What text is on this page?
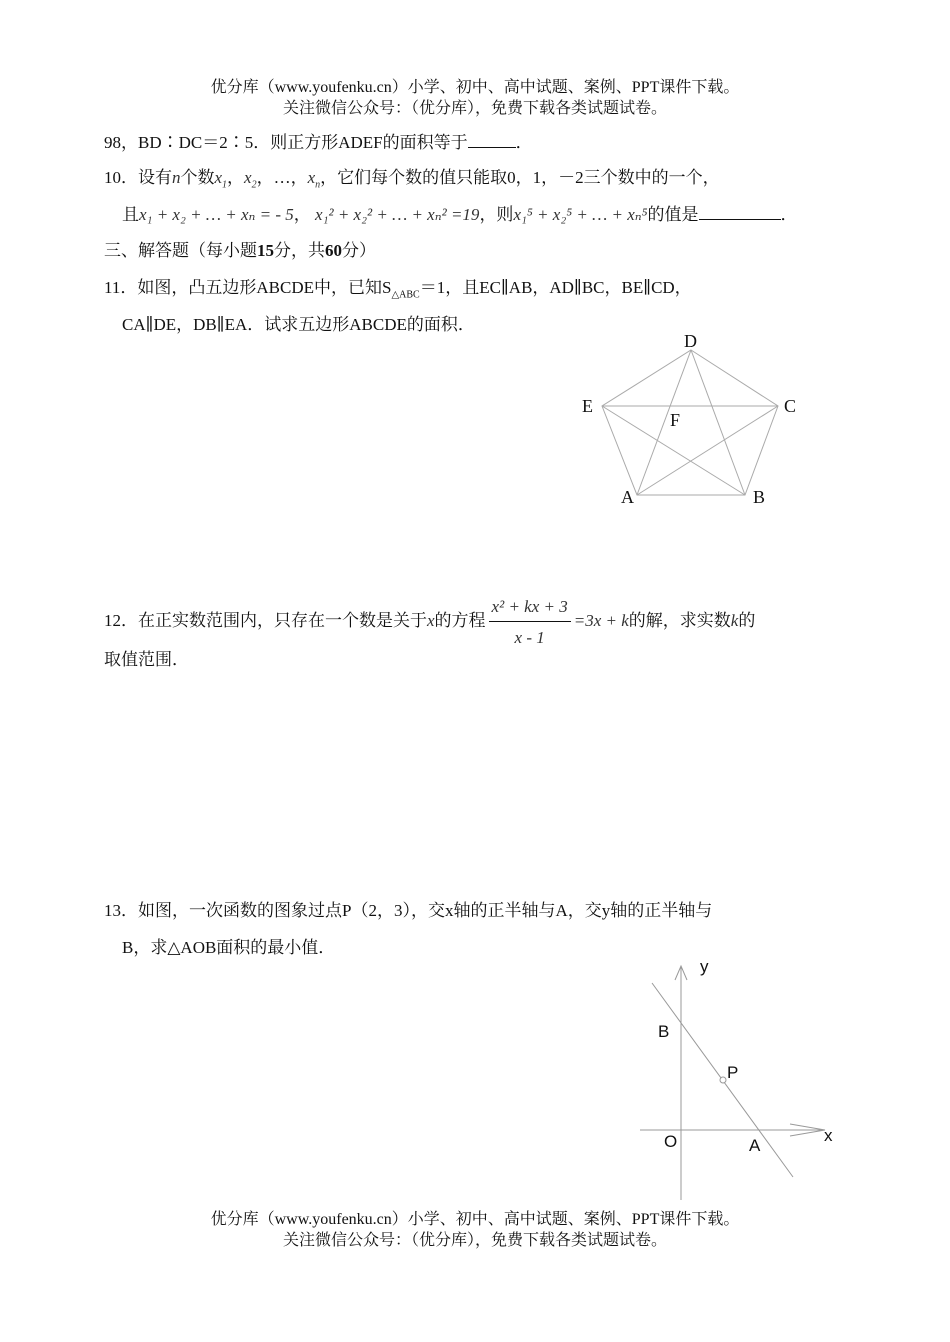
优分库（www.youfenku.cn）小学、初中、高中试题、案例、PPT课件下载。
关注微信公众号：（优分库），免费下载各类试题试卷。
98，BD∶DC＝2∶5．则正方形ADEF的面积等于	．
10．设有n个数$x_1$，$x_2$，…，$x_n$，它们每个数的值只能取0，1，－2三个数中的一个，
且x₁ + x₂ + … + xₙ = - 5， x₁² + x₂² + … + xₙ² =19，则x₁⁵ + x₂⁵ + … + xₙ⁵的值是	．
三、解答题（每小题15分，共60分）
11．如图，凸五边形ABCDE中，已知$S_{\triangle ABC}=1$，且EC∥AB，AD∥BC，BE∥CD，
CA∥DE，DB∥EA．试求五边形ABCDE的面积．
D
C
E
F
A	B
12．在正实数范围内，只存在一个数是关于x的方程 $\frac{\text{x² + kx + 3}}{x - 1} =3x + k$的解，求实数k的
取值范围．
13．如图，一次函数的图象过点P（2，3），交x轴的正半轴与A，交y轴的正半轴与
B，求△AOB面积的最小值．
y
B
P
O	A
x
优分库（www.youfenku.cn）小学、初中、高中试题、案例、PPT课件下载。
关注微信公众号：（优分库），免费下载各类试题试卷。
